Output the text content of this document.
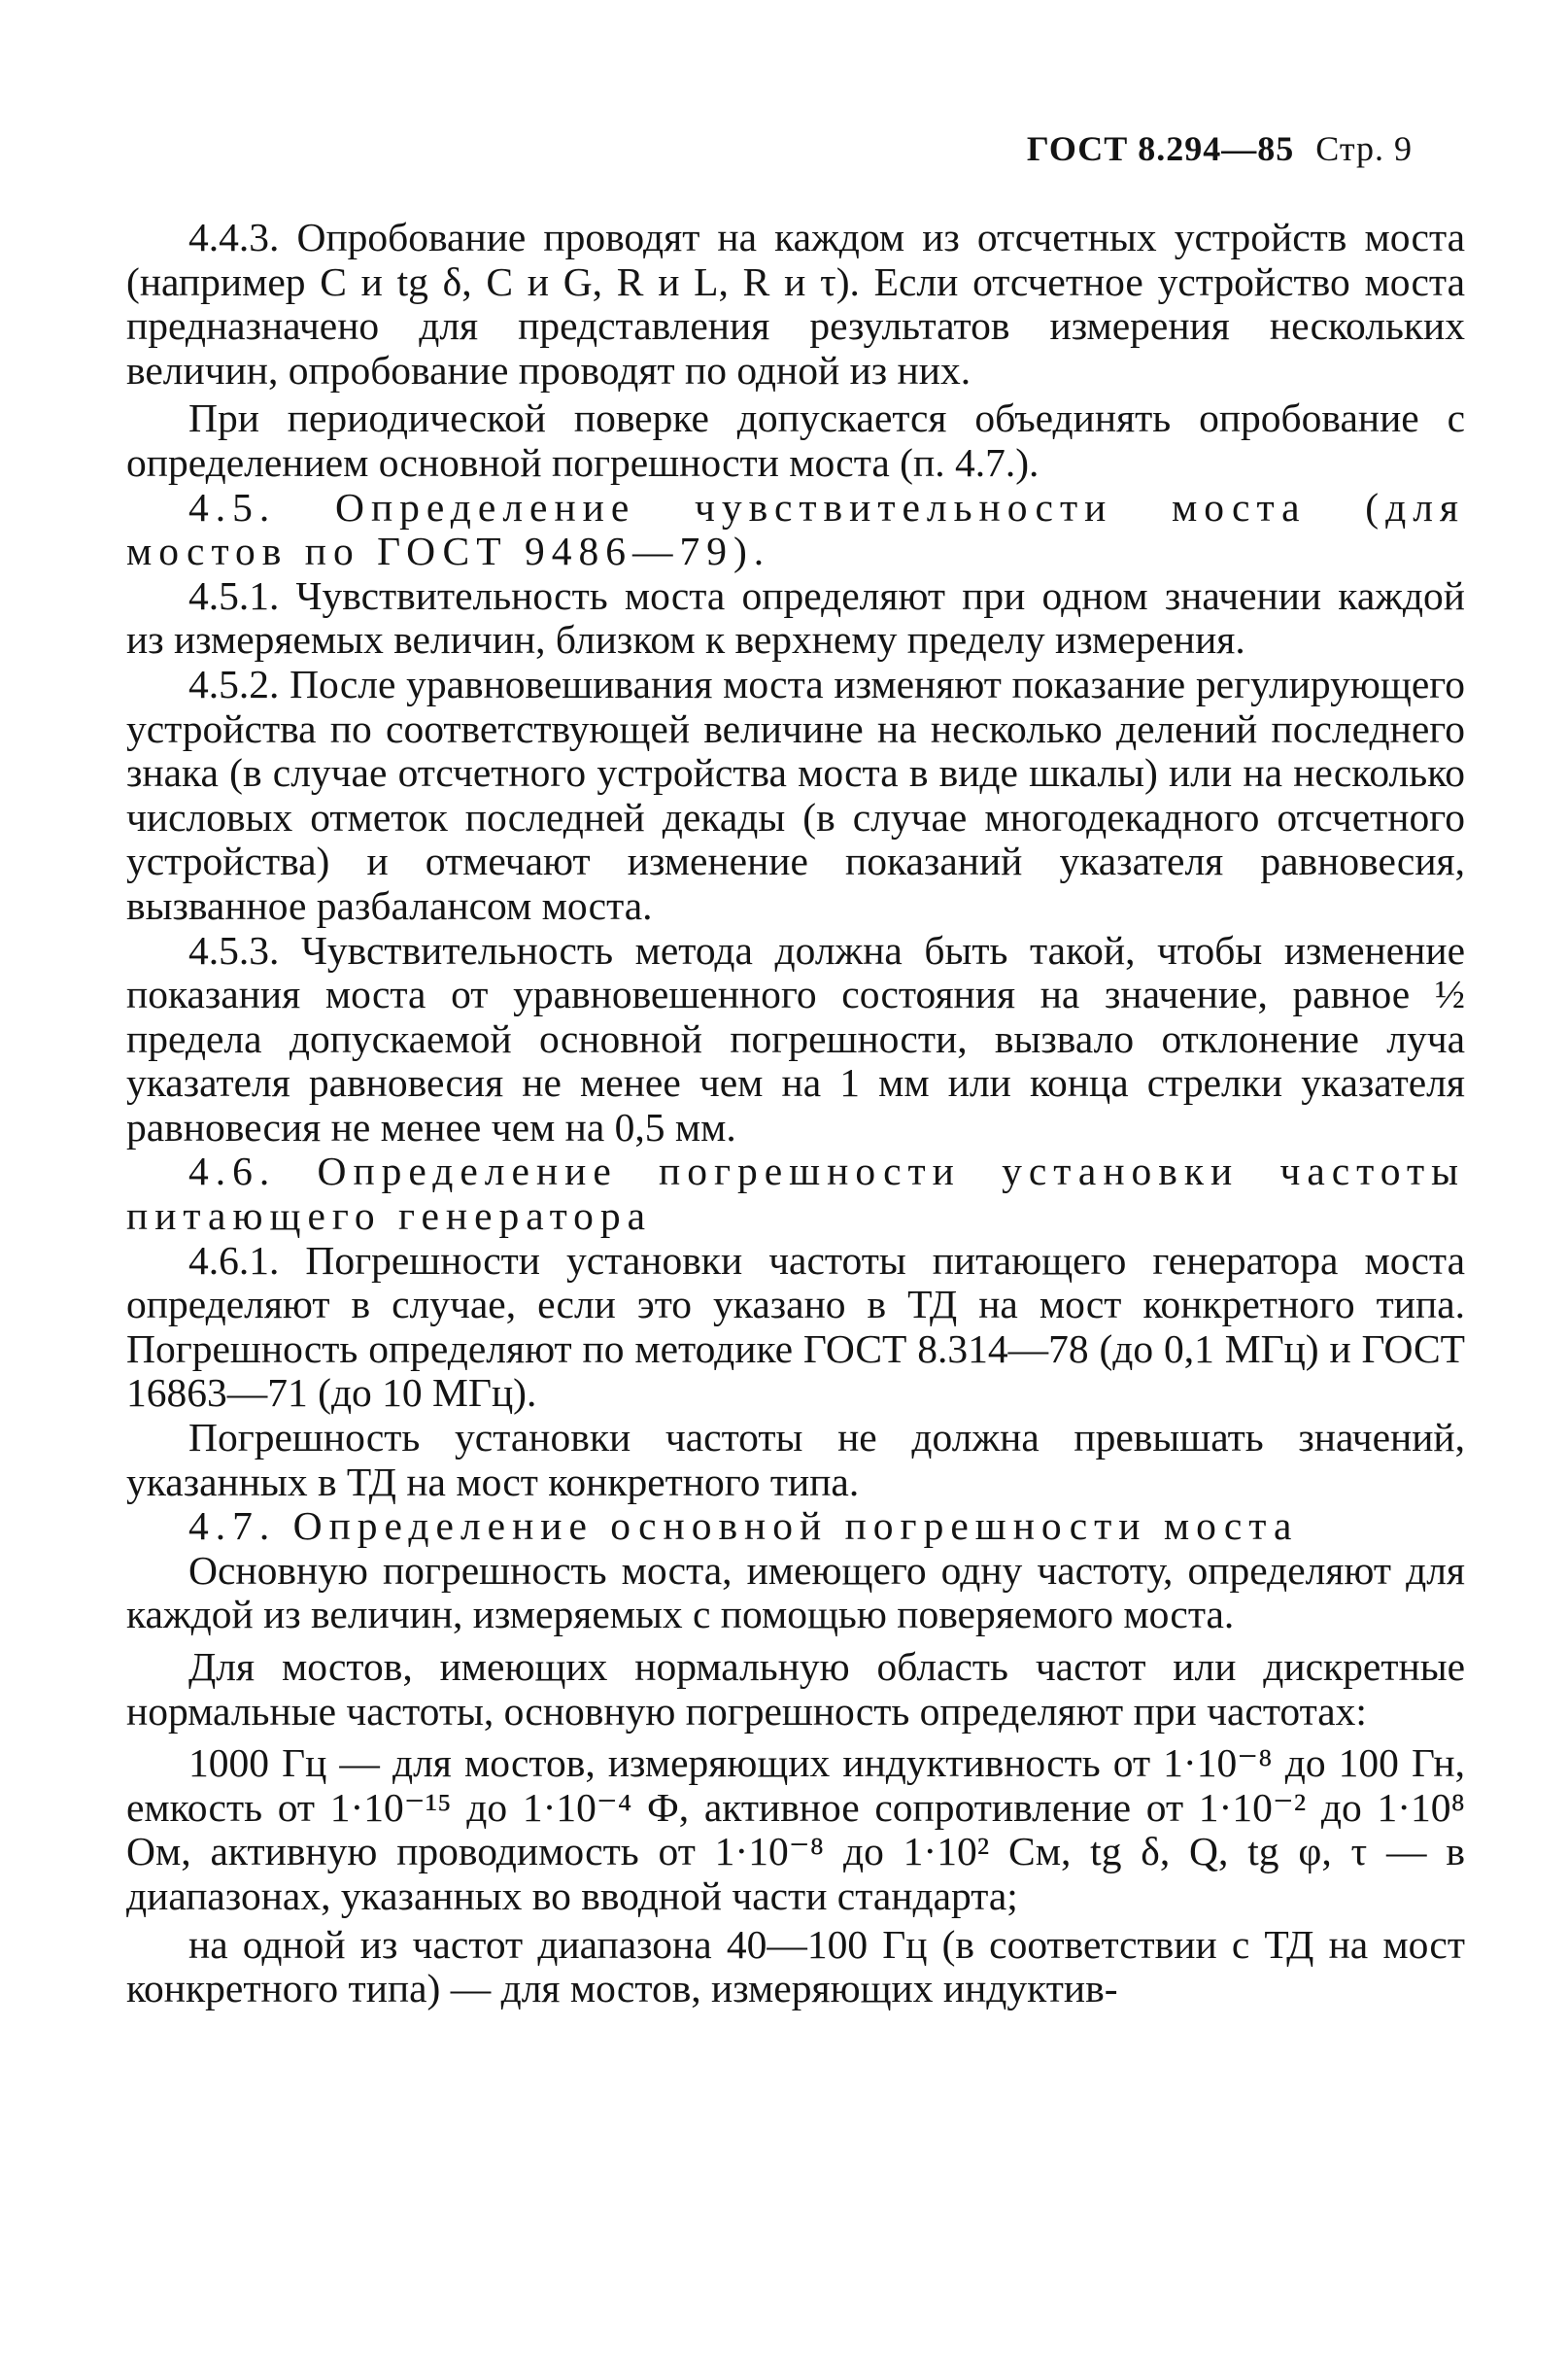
ГОСТ 8.294—85 Стр. 9

4.4.3. Опробование проводят на каждом из отсчетных устройств моста (например C и tg δ, C и G, R и L, R и τ). Если отсчетное устройство моста предназначено для представления результатов измерения нескольких величин, опробование проводят по одной из них.

При периодической поверке допускается объединять опробование с определением основной погрешности моста (п. 4.7.).

4.5. Определение чувствительности моста (для мостов по ГОСТ 9486—79).

4.5.1. Чувствительность моста определяют при одном значении каждой из измеряемых величин, близком к верхнему пределу измерения.

4.5.2. После уравновешивания моста изменяют показание регулирующего устройства по соответствующей величине на несколько делений последнего знака (в случае отсчетного устройства моста в виде шкалы) или на несколько числовых отметок последней декады (в случае многодекадного отсчетного устройства) и отмечают изменение показаний указателя равновесия, вызванное разбалансом моста.

4.5.3. Чувствительность метода должна быть такой, чтобы изменение показания моста от уравновешенного состояния на значение, равное ½ предела допускаемой основной погрешности, вызвало отклонение луча указателя равновесия не менее чем на 1 мм или конца стрелки указателя равновесия не менее чем на 0,5 мм.

4.6. Определение погрешности установки частоты питающего генератора

4.6.1. Погрешности установки частоты питающего генератора моста определяют в случае, если это указано в ТД на мост конкретного типа. Погрешность определяют по методике ГОСТ 8.314—78 (до 0,1 МГц) и ГОСТ 16863—71 (до 10 МГц).

Погрешность установки частоты не должна превышать значений, указанных в ТД на мост конкретного типа.

4.7. Определение основной погрешности моста

Основную погрешность моста, имеющего одну частоту, определяют для каждой из величин, измеряемых с помощью поверяемого моста.

Для мостов, имеющих нормальную область частот или дискретные нормальные частоты, основную погрешность определяют при частотах:

1000 Гц — для мостов, измеряющих индуктивность от 1·10⁻⁸ до 100 Гн, емкость от 1·10⁻¹⁵ до 1·10⁻⁴ Ф, активное сопротивление от 1·10⁻² до 1·10⁸ Ом, активную проводимость от 1·10⁻⁸ до 1·10² См, tg δ, Q, tg φ, τ — в диапазонах, указанных во вводной части стандарта;

на одной из частот диапазона 40—100 Гц (в соответствии с ТД на мост конкретного типа) — для мостов, измеряющих индуктив-
